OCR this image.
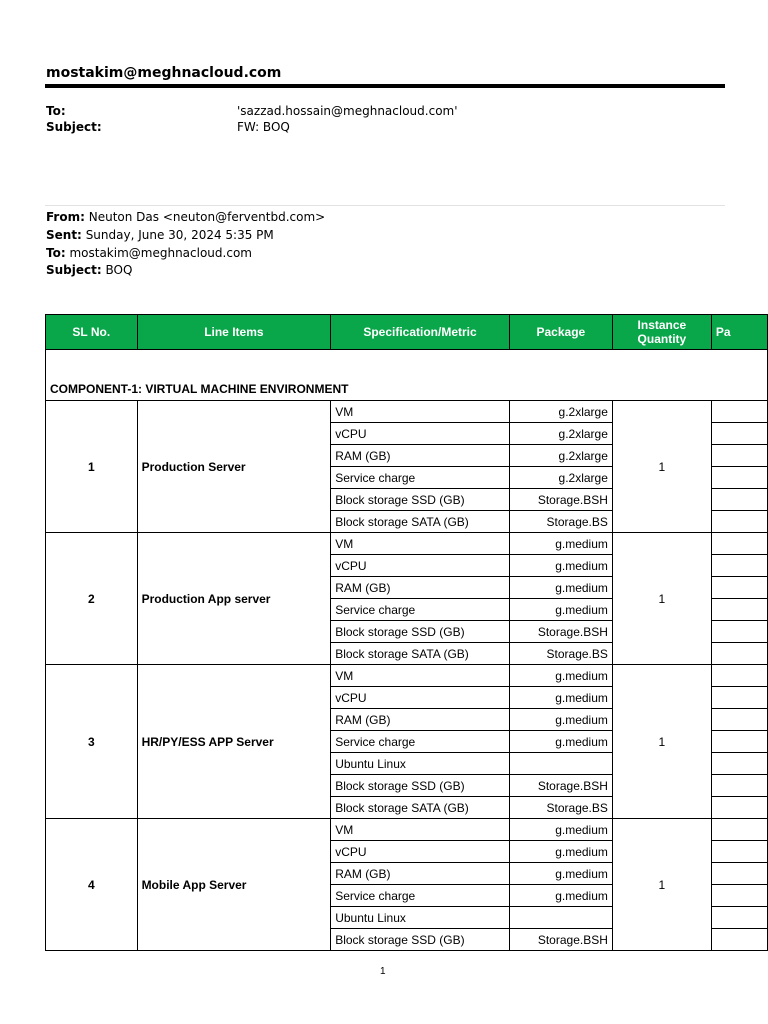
mostakim@meghnacloud.com
To:	'sazzad.hossain@meghnacloud.com'
Subject:	FW: BOQ
From: Neuton Das <neuton@ferventbd.com>
Sent: Sunday, June 30, 2024 5:35 PM
To: mostakim@meghnacloud.com
Subject: BOQ
SL No.	Line Items	Specification/Metric	Package	Instance Quantity	Pa
COMPONENT-1: VIRTUAL MACHINE ENVIRONMENT					
1	Production Server	VM	g.2xlarge	1	
		vCPU	g.2xlarge		
		RAM (GB)	g.2xlarge		
		Service charge	g.2xlarge		
		Block storage SSD (GB)	Storage.BSH		
		Block storage SATA (GB)	Storage.BS		
2	Production App server	VM	g.medium	1	
		vCPU	g.medium		
		RAM (GB)	g.medium		
		Service charge	g.medium		
		Block storage SSD (GB)	Storage.BSH		
		Block storage SATA (GB)	Storage.BS		
3	HR/PY/ESS APP Server	VM	g.medium	1	
		vCPU	g.medium		
		RAM (GB)	g.medium		
		Service charge	g.medium		
		Ubuntu Linux			
		Block storage SSD (GB)	Storage.BSH		
		Block storage SATA (GB)	Storage.BS		
4	Mobile App Server	VM	g.medium	1	
		vCPU	g.medium		
		RAM (GB)	g.medium		
		Service charge	g.medium		
		Ubuntu Linux			
		Block storage SSD (GB)	Storage.BSH		
1
